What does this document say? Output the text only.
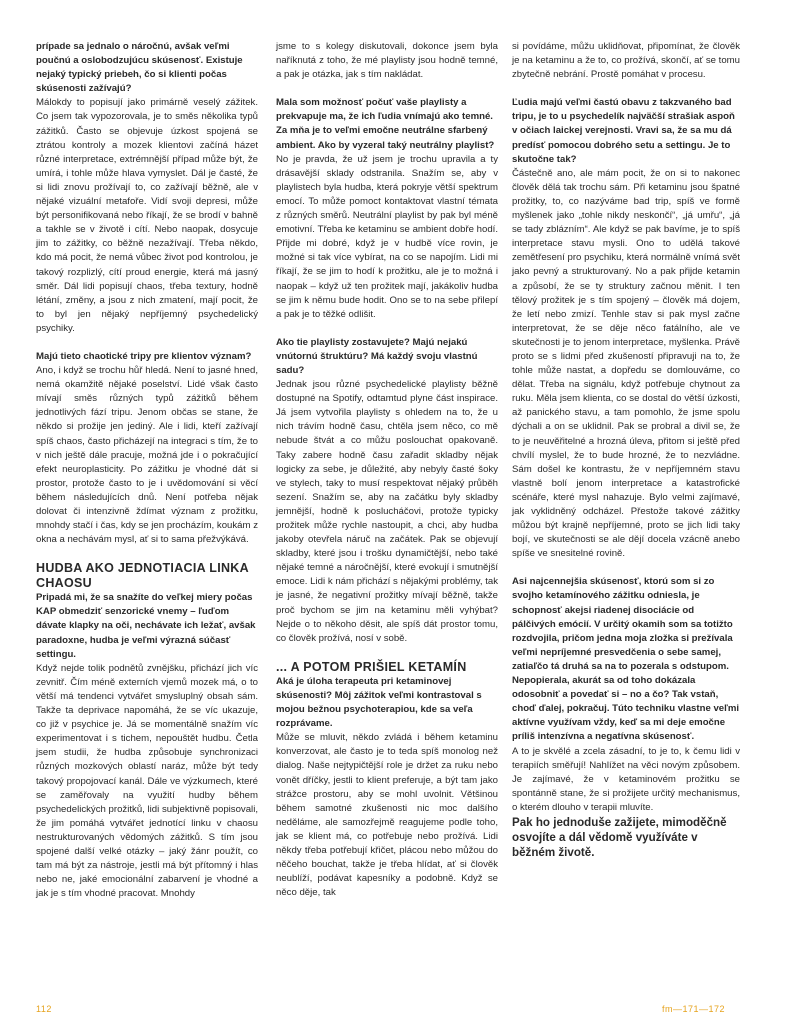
prípade sa jednalo o náročnú, avšak veľmi poučnú a oslobodzujúcu skúsenosť. Existuje nejaký typický priebeh, čo si klienti počas skúsenosti zažívajú?

Málokdy to popisují jako primárně veselý zážitek. Co jsem tak vypozorovala, je to směs několika typů zážitků. Často se objevuje úzkost spojená se ztrátou kontroly a mozek klientovi začíná házet různé interpretace, extrémnější případ může být, že umírá, i tohle může hlava vymyslet. Dál je časté, že si lidi znovu prožívají to, co zažívají běžně, ale v nějaké vizuální metafoře. Vidí svoji depresi, může být personifikovaná nebo říkají, že se brodí v bahně a takhle se v životě i cítí. Nebo naopak, dosycuje jim to zážitky, co běžně nezažívají. Třeba někdo, kdo má pocit, že nemá vůbec život pod kontrolou, je takový rozplizlý, cítí proud energie, která má jasný směr. Dál lidi popisují chaos, třeba textury, hodně létání, změny, a jsou z nich zmatení, mají pocit, že to byl jen nějaký nepříjemný psychedelický psychiky.

Majú tieto chaotické tripy pre klientov význam?

Ano, i když se trochu hůř hledá. Není to jasné hned, nemá okamžitě nějaké poselství. Lidé však často mívají směs různých typů zážitků během jednotlivých fází tripu. Jenom občas se stane, že někdo si prožije jen jediný. Ale i lidi, kteří zažívají spíš chaos, často přicházejí na integraci s tím, že to v nich ještě dále pracuje, možná jde i o pokračující efekt neuroplasticity. Po zážitku je vhodné dát si prostor, protože často to je i uvědomování si věcí během následujících dnů. Není potřeba nějak dolovat či intenzivně ždímat význam z prožitku, mnohdy stačí i čas, kdy se jen procházím, koukám z okna a nechávám mysl, ať si to sama přežvýkává.

HUDBA AKO JEDNOTIACIA LINKA CHAOSU

Pripadá mi, že sa snažíte do veľkej miery počas KAP obmedziť senzorické vnemy – ľuďom dávate klapky na oči, nechávate ich ležať, avšak paradoxne, hudba je veľmi výrazná súčasť settingu.

Když nejde tolik podnětů zvnějšku, přichází jich víc zevnitř. Čím méně externích vjemů mozek má, o to větší má tendenci vytvářet smysluplný obsah sám. Takže ta deprivace napomáhá, že se víc ukazuje, co již v psychice je. Já se momentálně snažím víc experimentovat i s tichem, nepouštět hudbu. Četla jsem studii, že hudba způsobuje synchronizaci různých mozkových oblastí naráz, může být tedy takový propojovací kanál. Dále ve výzkumech, které se zaměřovaly na využití hudby během psychedelických prožitků, lidi subjektivně popisovali, že jim pomáhá vytvářet jednotící linku v chaosu nestrukturovaných vědomých zážitků. S tím jsou spojené další velké otázky – jaký žánr použít, co tam má být za nástroje, jestli má být přítomný i hlas nebo ne, jaké emocionální zabarvení je vhodné a jak je s tím vhodné pracovat. Mnohdy

jsme to s kolegy diskutovali, dokonce jsem byla naříknutá z toho, že mé playlisty jsou hodně temné, a pak je otázka, jak s tím nakládat.

Mala som možnosť počuť vaše playlisty a prekvapuje ma, že ich ľudia vnímajú ako temné. Za mňa je to veľmi emočne neutrálne sfarbený ambient. Ako by vyzeral taký neutrálny playlist?

No je pravda, že už jsem je trochu upravila a ty drásavější sklady odstranila. Snažím se, aby v playlistech byla hudba, která pokryje větší spektrum emocí. To může pomoct kontaktovat vlastní témata z různých směrů. Neutrální playlist by pak byl méně emotivní. Třeba ke ketaminu se ambient dobře hodí. Přijde mi dobré, když je v hudbě více rovin, je možné si tak více vybírat, na co se napojím. Lidi mi říkají, že se jim to hodí k prožitku, ale je to možná i naopak – když už ten prožitek mají, jakákoliv hudba se jim k němu bude hodit. Ono se to na sebe přilepí a pak je to těžké odlišit.

Ako tie playlisty zostavujete? Majú nejakú vnútornú štruktúru? Má každý svoju vlastnú sadu?

Jednak jsou různé psychedelické playlisty běžně dostupné na Spotify, odtamtud plyne část inspirace. Já jsem vytvořila playlisty s ohledem na to, že u nich trávím hodně času, chtěla jsem něco, co mě nebude štvát a co můžu poslouchat opakovaně. Taky zabere hodně času zařadit skladby nějak logicky za sebe, je důležité, aby nebyly časté šoky ve stylech, taky to musí respektovat nějaký průběh sezení. Snažím se, aby na začátku byly skladby jemnější, hodně k poslucháčovi, protože typicky prožitek může rychle nastoupit, a chci, aby hudba jakoby otevřela náruč na začátek. Pak se objevují skladby, které jsou i trošku dynamičtější, nebo také nějaké temné a náročnější, které evokují i smutnější emoce. Lidi k nám přichází s nějakými problémy, tak je jasné, že negativní prožitky mívají běžně, takže proč bychom se jim na ketaminu měli vyhýbat? Nejde o to někoho děsit, ale spíš dát prostor tomu, co člověk prožívá, nosí v sobě.

... A POTOM PRIŠIEL KETAMÍN

Aká je úloha terapeuta pri ketaminovej skúsenosti? Môj zážitok veľmi kontrastoval s mojou bežnou psychoterapiou, kde sa veľa rozprávame.

Může se mluvit, někdo zvládá i během ketaminu konverzovat, ale často je to teda spíš monolog než dialog. Naše nejtypičtější role je držet za ruku nebo vonět dříčky, jestli to klient preferuje, a být tam jako strážce prostoru, aby se mohl uvolnit. Většinou během samotné zkušenosti nic moc dalšího neděláme, ale samozřejmě reagujeme podle toho, jak se klient má, co potřebuje nebo prožívá. Lidi někdy třeba potřebují křičet, plácou nebo můžou do něčeho bouchat, takže je třeba hlídat, ať si člověk neublíží, podávat kapesníky a podobně. Když se něco děje, tak

si povídáme, můžu uklidňovat, připomínat, že člověk je na ketaminu a že to, co prožívá, skončí, ať se tomu zbytečně nebrání. Prostě pomáhat v procesu.

Ľudia majú veľmi častú obavu z takzvaného bad tripu, je to u psychedelík najväčší strašiak aspoň v očiach laickej verejnosti. Vravi sa, že sa mu dá predísť pomocou dobrého setu a settingu. Je to skutočne tak?

Částečně ano, ale mám pocit, že on si to nakonec člověk dělá tak trochu sám. Při ketaminu jsou špatné prožitky, to, co nazýváme bad trip, spíš ve formě myšlenek jako „tohle nikdy neskončí“, „já umřu“, „já se tady zblázním“. Ale když se pak bavíme, je to spíš interpretace stavu mysli. Ono to udělá takové zemětřesení pro psychiku, která normálně vnímá svět jako pevný a strukturovaný. No a pak přijde ketamin a způsobí, že se ty struktury začnou měnit. I ten tělový prožitek je s tím spojený – člověk má dojem, že letí nebo zmizí. Tenhle stav si pak mysl začne interpretovat, že se děje něco fatálního, ale ve skutečnosti je to jenom interpretace, myšlenka. Právě proto se s lidmi před zkušeností připravuji na to, že tohle může nastat, a dopředu se domlouváme, co dělat. Třeba na signálu, když potřebuje chytnout za ruku. Měla jsem klienta, co se dostal do větší úzkosti, až panického stavu, a tam pomohlo, že jsme spolu dýchali a on se uklidnil. Pak se probral a divil se, že to je neuvěřitelné a hrozná úleva, přitom si ještě před chvílí myslel, že to bude hrozné, že to nezvládne. Sám došel ke kontrastu, že v nepříjemném stavu vlastně bolí jenom interpretace a katastrofické scénáře, které mysl nahazuje. Bylo velmi zajímavé, jak vyklidněný odcházel. Přestože takové zážitky můžou být krajně nepříjemné, proto se jich lidi taky bojí, ve skutečnosti se ale dějí docela vzácně anebo spíše ve snesitelné rovině.

Asi najcennejšia skúsenosť, ktorú som si zo svojho ketamínového zážitku odniesla, je schopnosť akejsi riadenej disociácie od pálčivých emócií. V určitý okamih som sa totižto rozdvojila, pričom jedna moja zložka si prežívala veľmi nepríjemné presvedčenia o sebe samej, zatiaľčo tá druhá sa na to pozerala s odstupom. Nepopierala, akurát sa od toho dokázala odosobniť a povedať si – no a čo? Tak vstaň, choď ďalej, pokračuj. Túto techniku vlastne veľmi aktívne využívam vždy, keď sa mi deje emočne príliš intenzívna a negatívna skúsenosť.

A to je skvělé a zcela zásadní, to je to, k čemu lidi v terapiích směřují! Nahlížet na věci novým způsobem. Je zajímavé, že v ketaminovém prožitku se spontánně stane, že si prožijete určitý mechanismus, o kterém dlouho v terapii mluvíte.

Pak ho jednoduše zažijete, mimoděčně osvojíte a dál vědomě využíváte v běžném životě.

112	fm—171—172
